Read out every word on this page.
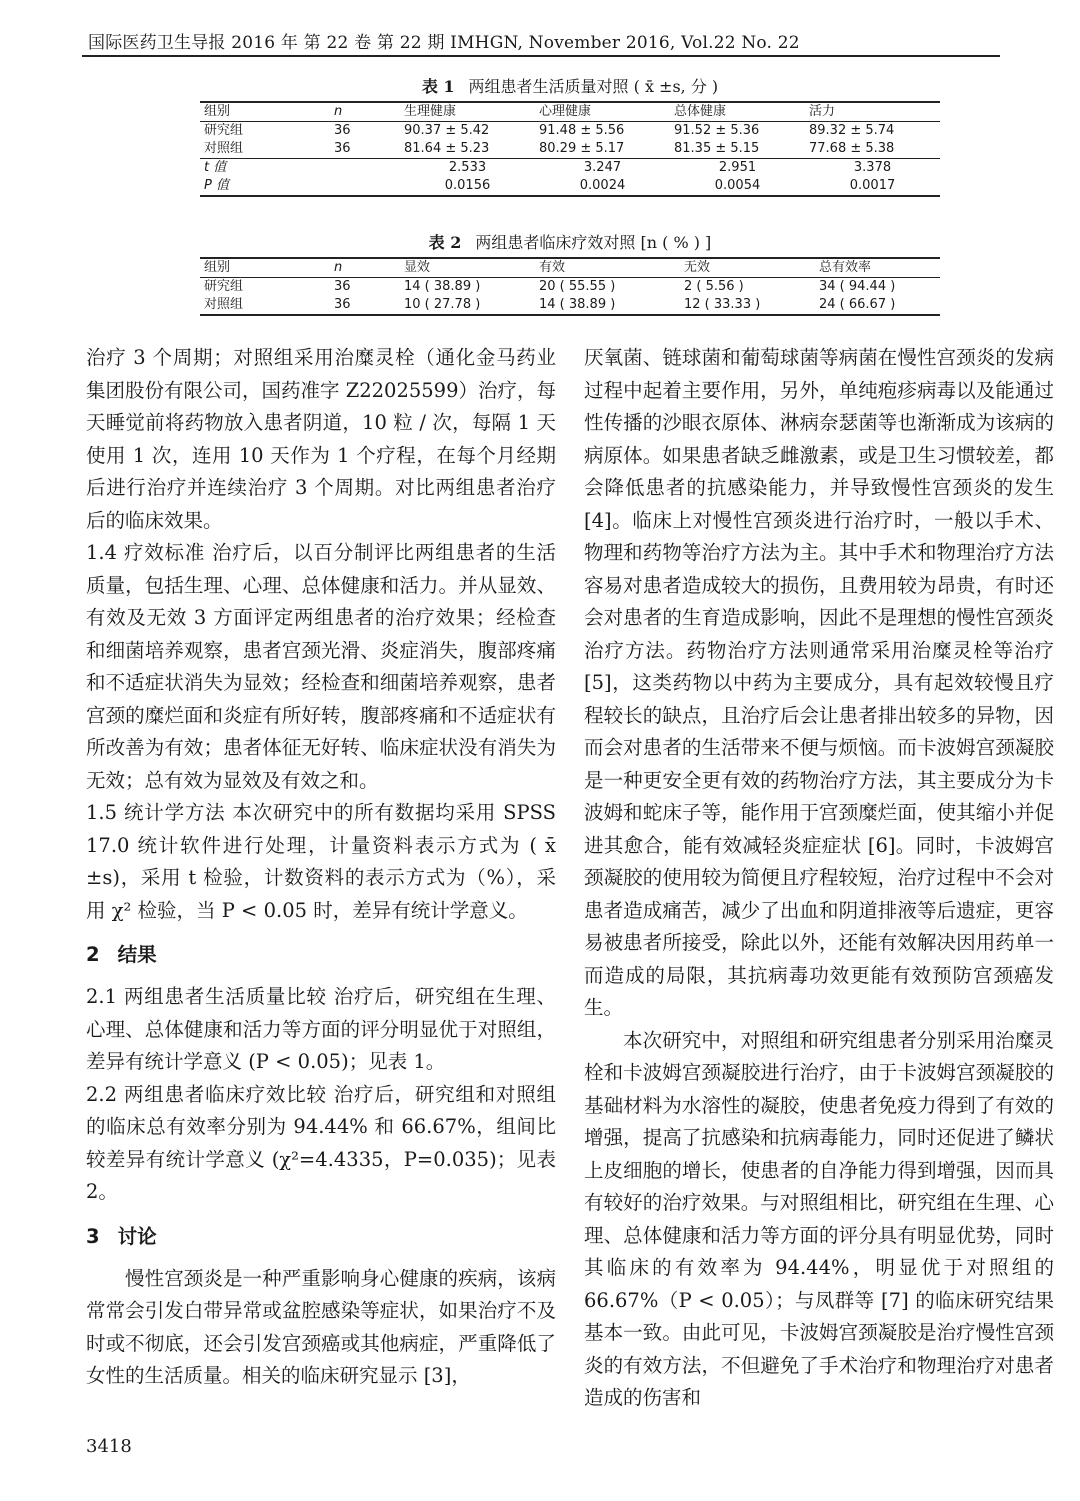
国际医药卫生导报 2016 年 第 22 卷 第 22 期 IMHGN, November 2016, Vol.22 No. 22
表 1 两组患者生活质量对照 ( x̄ ±s, 分 )
组别	n	生理健康	心理健康	总体健康	活力
研究组	36	90.37 ± 5.42	91.48 ± 5.56	91.52 ± 5.36	89.32 ± 5.74
对照组	36	81.64 ± 5.23	80.29 ± 5.17	81.35 ± 5.15	77.68 ± 5.38
t 值		2.533	3.247	2.951	3.378
P 值		0.0156	0.0024	0.0054	0.0017
表 2 两组患者临床疗效对照 [n ( % ) ]
组别	n	显效	有效	无效	总有效率
研究组	36	14 ( 38.89 )	20 ( 55.55 )	2 ( 5.56 )	34 ( 94.44 )
对照组	36	10 ( 27.78 )	14 ( 38.89 )	12 ( 33.33 )	24 ( 66.67 )

治疗 3 个周期；对照组采用治糜灵栓（通化金马药业集团股份有限公司，国药准字 Z22025599）治疗，每天睡觉前将药物放入患者阴道，10 粒 / 次，每隔 1 天使用 1 次，连用 10 天作为 1 个疗程，在每个月经期后进行治疗并连续治疗 3 个周期。对比两组患者治疗后的临床效果。

1.4 疗效标准 治疗后，以百分制评比两组患者的生活质量，包括生理、心理、总体健康和活力。并从显效、有效及无效 3 方面评定两组患者的治疗效果；经检查和细菌培养观察，患者宫颈光滑、炎症消失，腹部疼痛和不适症状消失为显效；经检查和细菌培养观察，患者宫颈的糜烂面和炎症有所好转，腹部疼痛和不适症状有所改善为有效；患者体征无好转、临床症状没有消失为无效；总有效为显效及有效之和。

1.5 统计学方法 本次研究中的所有数据均采用 SPSS 17.0 统计软件进行处理，计量资料表示方式为 ( x̄ ±s)，采用 t 检验，计数资料的表示方式为（%），采用 χ² 检验，当 P < 0.05 时，差异有统计学意义。

2 结果

2.1 两组患者生活质量比较 治疗后，研究组在生理、心理、总体健康和活力等方面的评分明显优于对照组，差异有统计学意义 (P < 0.05)；见表 1。

2.2 两组患者临床疗效比较 治疗后，研究组和对照组的临床总有效率分别为 94.44% 和 66.67%，组间比较差异有统计学意义 (χ²=4.4335，P=0.035)；见表 2。

3 讨论

慢性宫颈炎是一种严重影响身心健康的疾病，该病常常会引发白带异常或盆腔感染等症状，如果治疗不及时或不彻底，还会引发宫颈癌或其他病症，严重降低了女性的生活质量。相关的临床研究显示 [3]，

厌氧菌、链球菌和葡萄球菌等病菌在慢性宫颈炎的发病过程中起着主要作用，另外，单纯疱疹病毒以及能通过性传播的沙眼衣原体、淋病奈瑟菌等也渐渐成为该病的病原体。如果患者缺乏雌激素，或是卫生习惯较差，都会降低患者的抗感染能力，并导致慢性宫颈炎的发生 [4]。临床上对慢性宫颈炎进行治疗时，一般以手术、物理和药物等治疗方法为主。其中手术和物理治疗方法容易对患者造成较大的损伤，且费用较为昂贵，有时还会对患者的生育造成影响，因此不是理想的慢性宫颈炎治疗方法。药物治疗方法则通常采用治糜灵栓等治疗 [5]，这类药物以中药为主要成分，具有起效较慢且疗程较长的缺点，且治疗后会让患者排出较多的异物，因而会对患者的生活带来不便与烦恼。而卡波姆宫颈凝胶是一种更安全更有效的药物治疗方法，其主要成分为卡波姆和蛇床子等，能作用于宫颈糜烂面，使其缩小并促进其愈合，能有效减轻炎症症状 [6]。同时，卡波姆宫颈凝胶的使用较为简便且疗程较短，治疗过程中不会对患者造成痛苦，减少了出血和阴道排液等后遗症，更容易被患者所接受，除此以外，还能有效解决因用药单一而造成的局限，其抗病毒功效更能有效预防宫颈癌发生。

本次研究中，对照组和研究组患者分别采用治糜灵栓和卡波姆宫颈凝胶进行治疗，由于卡波姆宫颈凝胶的基础材料为水溶性的凝胶，使患者免疫力得到了有效的增强，提高了抗感染和抗病毒能力，同时还促进了鳞状上皮细胞的增长，使患者的自净能力得到增强，因而具有较好的治疗效果。与对照组相比，研究组在生理、心理、总体健康和活力等方面的评分具有明显优势，同时其临床的有效率为 94.44%，明显优于对照组的 66.67%（P < 0.05）；与凤群等 [7] 的临床研究结果基本一致。由此可见，卡波姆宫颈凝胶是治疗慢性宫颈炎的有效方法，不但避免了手术治疗和物理治疗对患者造成的伤害和

3418
